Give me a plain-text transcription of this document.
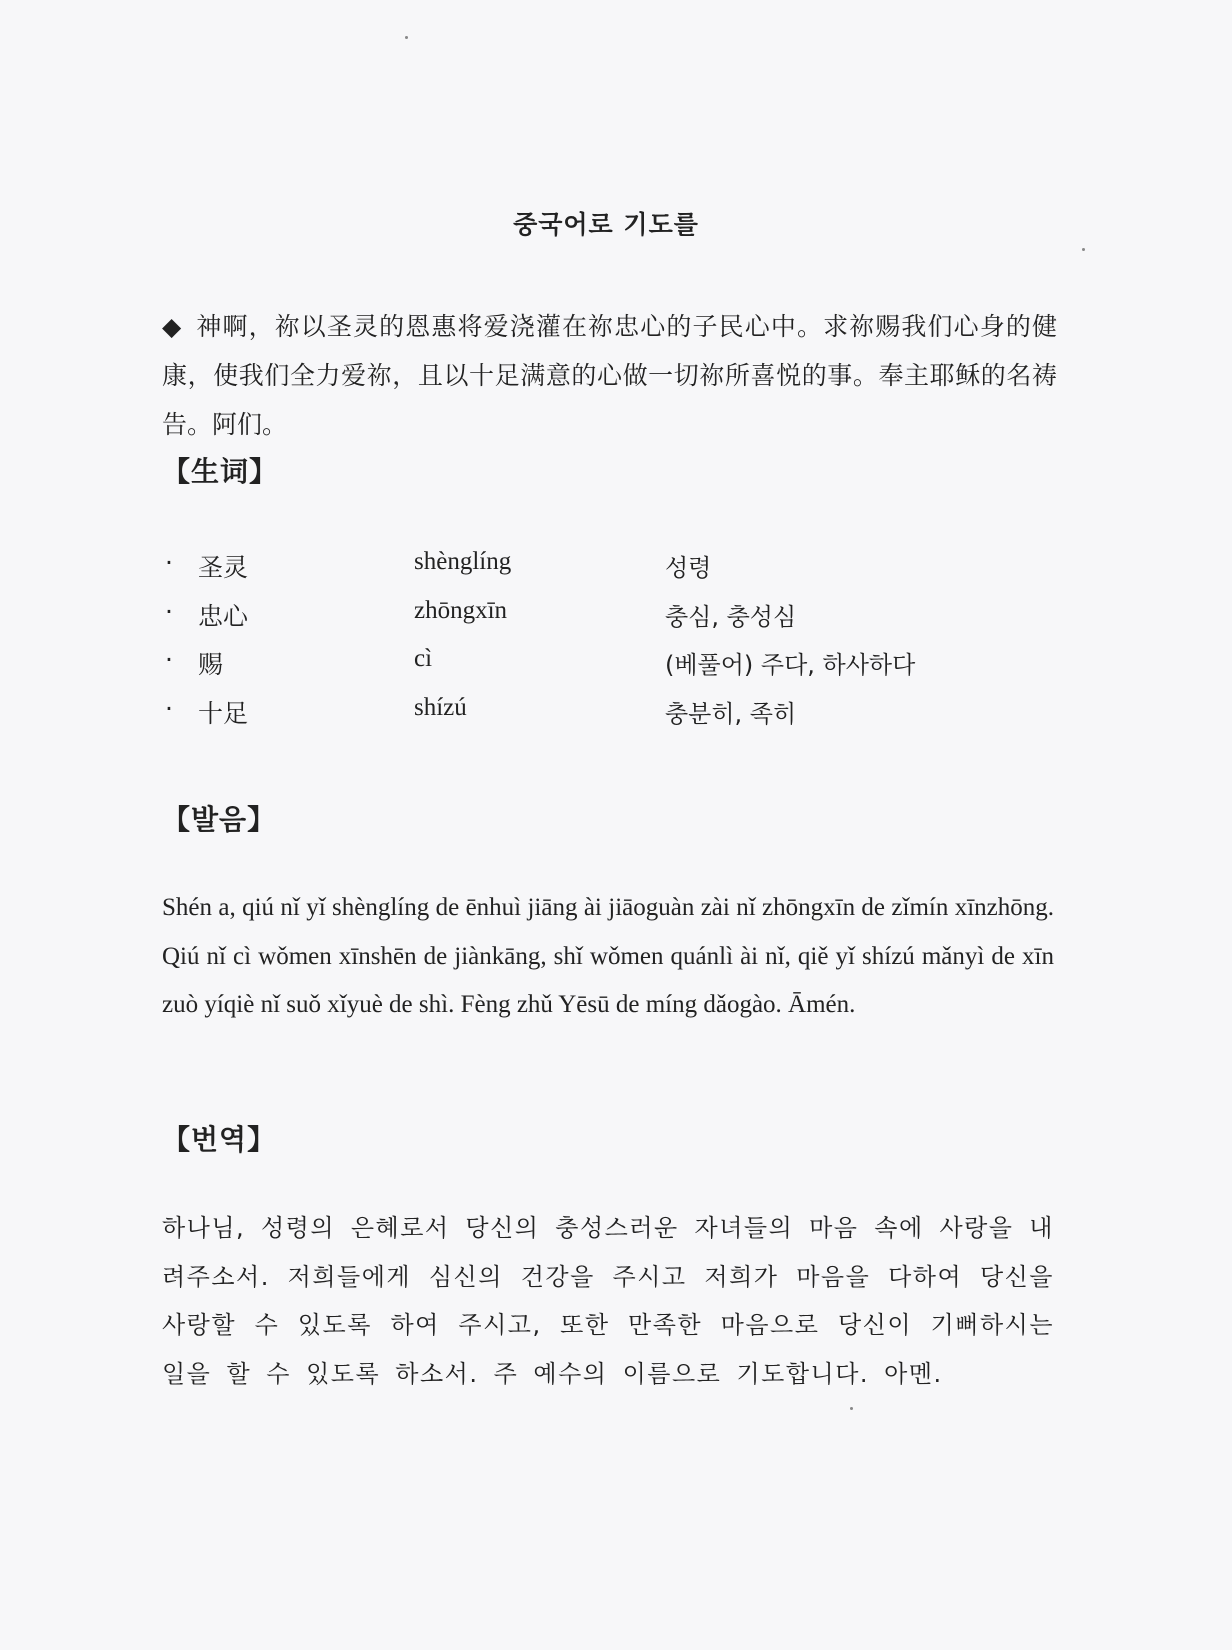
중국어로 기도를
◆ 神啊，祢以圣灵的恩惠将爱浇灌在祢忠心的子民心中。求祢赐我们心身的健康，使我们全力爱祢，且以十足满意的心做一切祢所喜悦的事。奉主耶稣的名祷告。阿们。
【生词】
· 圣灵	shènglíng	성령
· 忠心	zhōngxīn	충심, 충성심
· 赐	cì	(베풀어) 주다, 하사하다
· 十足	shízú	충분히, 족히
【발음】
Shén a, qiú nǐ yǐ shènglíng de ēnhuì jiāng ài jiāoguàn zài nǐ zhōngxīn de zǐmín xīnzhōng. Qiú nǐ cì wǒmen xīnshēn de jiànkāng, shǐ wǒmen quánlì ài nǐ, qiě yǐ shízú mǎnyì de xīn zuò yíqiè nǐ suǒ xǐyuè de shì. Fèng zhǔ Yēsū de míng dǎogào. Āmén.
【번역】
하나님, 성령의 은혜로서 당신의 충성스러운 자녀들의 마음 속에 사랑을 내려주소서. 저희들에게 심신의 건강을 주시고 저희가 마음을 다하여 당신을 사랑할 수 있도록 하여 주시고, 또한 만족한 마음으로 당신이 기뻐하시는 일을 할 수 있도록 하소서. 주 예수의 이름으로 기도합니다. 아멘.
